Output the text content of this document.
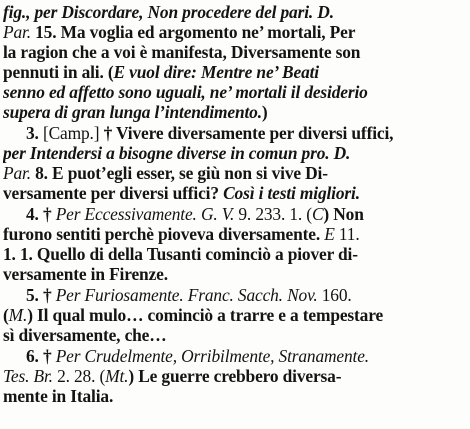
fig., per Discordare, Non procedere del pari. D.
Par. 15. Ma voglia ed argomento ne’ mortali, Per
la ragion che a voi è manifesta, Diversamente son
pennuti in ali. (E vuol dire: Mentre ne’ Beati
senno ed affetto sono uguali, ne’ mortali il desiderio
supera di gran lunga l’intendimento.)
3. [Camp.] † Vivere diversamente per diversi uffici,
per Intendersi a bisogne diverse in comun pro. D.
Par. 8. E puot’egli esser, se giù non si vive Di-
versamente per diversi uffici? Così i testi migliori.
4. † Per Eccessivamente. G. V. 9. 233. 1. (C) Non
furono sentiti perchè pioveva diversamente. E 11.
1. 1. Quello di della Tusanti cominciò a piover di-
versamente in Firenze.
5. † Per Furiosamente. Franc. Sacch. Nov. 160.
(M.) Il qual mulo… cominciò a trarre e a tempestare
sì diversamente, che…
6. † Per Crudelmente, Orribilmente, Stranamente.
Tes. Br. 2. 28. (Mt.) Le guerre crebbero diversa-
mente in Italia.
